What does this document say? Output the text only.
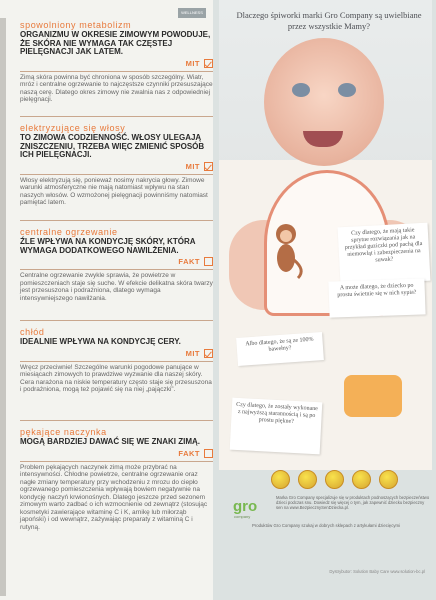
WELLNESS
spowolniony metabolizm
ORGANIZMU W OKRESIE ZIMOWYM POWODUJE, ŻE SKÓRA NIE WYMAGA TAK CZĘSTEJ PIELĘGNACJI JAK LATEM.
MIT
Zimą skóra powinna być chroniona w sposób szczególny. Wiatr, mróz i centralne ogrzewanie to najczęstsze czynniki przesuszające naszą cerę. Dlatego okres zimowy nie zwalnia nas z odpowiedniej pielęgnacji.
elektryzujące się włosy
TO ZIMOWA CODZIENNOŚĆ. WŁOSY ULEGAJĄ ZNISZCZENIU, TRZEBA WIĘC ZMIENIĆ SPOSÓB ICH PIELĘGNACJI.
MIT
Włosy elektryzują się, ponieważ nosimy nakrycia głowy. Zimowe warunki atmosferyczne nie mają natomiast wpływu na stan naszych włosów. O wzmożonej pielęgnacji powinniśmy natomiast pamiętać latem.
centralne ogrzewanie
ŹLE WPŁYWA NA KONDYCJĘ SKÓRY, KTÓRA WYMAGA DODATKOWEGO NAWILŻENIA.
FAKT
Centralne ogrzewanie zwykle sprawia, że powietrze w pomieszczeniach staje się suche. W efekcie delikatna skóra twarzy jest przesuszona i podrażniona, dlatego wymaga intensywniejszego nawilżania.
chłód
IDEALNIE WPŁYWA NA KONDYCJĘ CERY.
MIT
Wręcz przeciwnie! Szczególne warunki pogodowe panujące w miesiącach zimowych to prawdziwe wyzwanie dla naszej skóry. Cera narażona na niskie temperatury często staje się przesuszona i podrażniona, mogą też pojawić się na niej „pajączki”.
pękające naczynka
MOGĄ BARDZIEJ DAWAĆ SIĘ WE ZNAKI ZIMĄ.
FAKT
Problem pękających naczynek zimą może przybrać na intensywności. Chłodne powietrze, centralne ogrzewanie oraz nagłe zmiany temperatury przy wchodzeniu z mrozu do ciepło ogrzewanego pomieszczenia wpływają bowiem negatywnie na kondycję naczyń krwionośnych. Dlatego jeszcze przed sezonem zimowym warto zadbać o ich wzmocnienie od zewnątrz (stosując kosmetyki zawierające witaminę C i K, arnikę lub miłorząb japoński) i od wewnątrz, zażywając preparaty z witaminą C i rutyną.
Dlaczego śpiworki marki Gro Company są uwielbiane przez wszystkie Mamy?
Czy dlatego, że mają takie sprytne rozwiązania jak na przykład guziczki pod pachą dla niemowląt i zabezpieczenia na suwak?
A może dlatego, że dziecko po prostu świetnie się w nich sypia?
Albo dlatego, że są ze 100% bawełny?
Czy dlatego, że zostały wykonane z najwyższą starannością i są po prostu piękne?
gro
company
Marka Gro Company specjalizuje się w produktach podnoszących bezpieczeństwo dzieci podczas snu. Dowiedz się więcej o tym, jak zapewnić dziecku bezpieczny sen na www.BezpiecznySenDziecka.pl.
Produktów Gro Company szukaj w dobrych sklepach z artykułami dziecięcymi
Dystrybutor: Solution Baby Care www.solution-bc.pl
